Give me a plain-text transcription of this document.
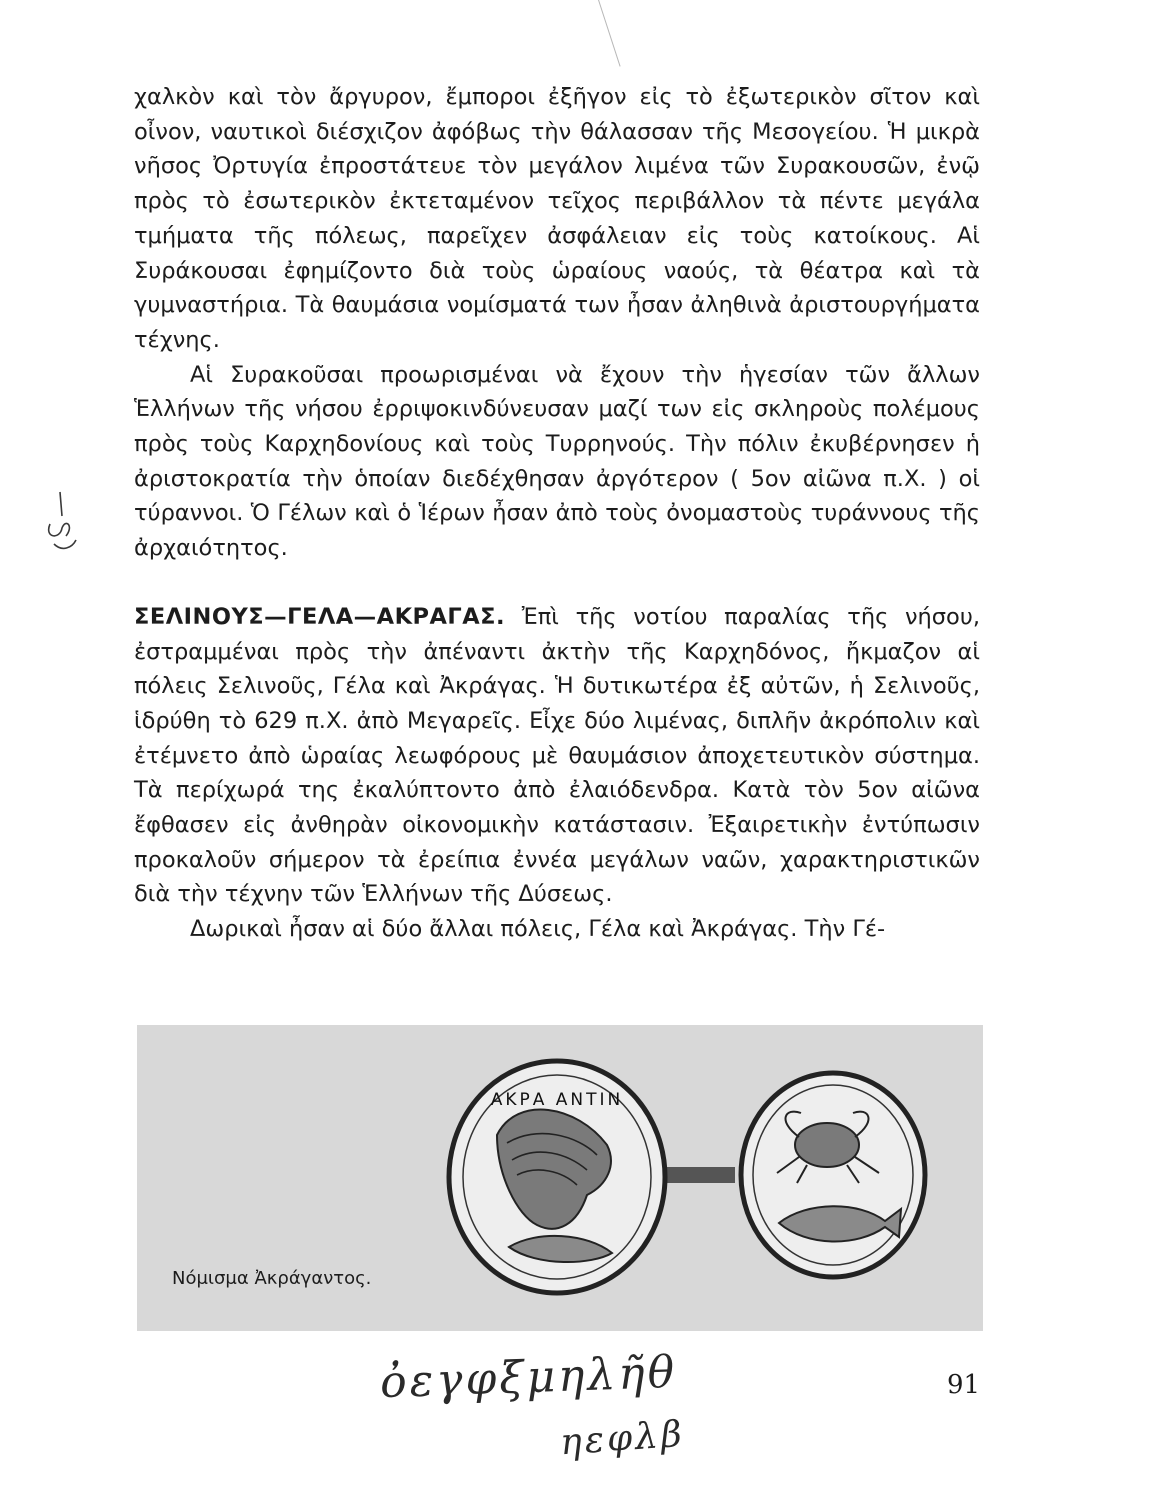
χαλκὸν καὶ τὸν ἄργυρον, ἔμποροι ἐξῆγον εἰς τὸ ἐξωτερικὸν σῖτον καὶ οἶνον, ναυτικοὶ διέσχιζον ἀφόβως τὴν θάλασσαν τῆς Μεσογείου. Ἡ μικρὰ νῆσος Ὀρτυγία ἐπροστάτευε τὸν μεγάλον λιμένα τῶν Συρακουσῶν, ἐνῷ πρὸς τὸ ἐσωτερικὸν ἐκτεταμένον τεῖχος περιβάλλον τὰ πέντε μεγάλα τμήματα τῆς πόλεως, παρεῖχεν ἀσφάλειαν εἰς τοὺς κατοίκους. Αἱ Συράκουσαι ἐφημίζοντο διὰ τοὺς ὡραίους ναούς, τὰ θέατρα καὶ τὰ γυμναστήρια. Τὰ θαυμάσια νομίσματά των ἦσαν ἀληθινὰ ἀριστουργήματα τέχνης.

Αἱ Συρακοῦσαι προωρισμέναι νὰ ἔχουν τὴν ἡγεσίαν τῶν ἄλλων Ἑλλήνων τῆς νήσου ἐρριψοκινδύνευσαν μαζί των εἰς σκληροὺς πολέμους πρὸς τοὺς Καρχηδονίους καὶ τοὺς Τυρρηνούς. Τὴν πόλιν ἐκυβέρνησεν ἡ ἀριστοκρατία τὴν ὁποίαν διεδέχθησαν ἀργότερον ( 5ον αἰῶνα π.Χ. ) οἱ τύραννοι. Ὁ Γέλων καὶ ὁ Ἱέρων ἦσαν ἀπὸ τοὺς ὀνομαστοὺς τυράννους τῆς ἀρχαιότητος.

ΣΕΛΙΝΟΥΣ—ΓΕΛΑ—ΑΚΡΑΓΑΣ. Ἐπὶ τῆς νοτίου παραλίας τῆς νήσου, ἐστραμμέναι πρὸς τὴν ἀπέναντι ἀκτὴν τῆς Καρχηδόνος, ἤκμαζον αἱ πόλεις Σελινοῦς, Γέλα καὶ Ἀκράγας. Ἡ δυτικωτέρα ἐξ αὐτῶν, ἡ Σελινοῦς, ἱδρύθη τὸ 629 π.Χ. ἀπὸ Μεγαρεῖς. Εἶχε δύο λιμένας, διπλῆν ἀκρόπολιν καὶ ἐτέμνετο ἀπὸ ὡραίας λεωφόρους μὲ θαυμάσιον ἀποχετευτικὸν σύστημα. Τὰ περίχωρά της ἐκαλύπτοντο ἀπὸ ἐλαιόδενδρα. Κατὰ τὸν 5ον αἰῶνα ἔφθασεν εἰς ἀνθηρὰν οἰκονομικὴν κατάστασιν. Ἐξαιρετικὴν ἐντύπωσιν προκαλοῦν σήμερον τὰ ἐρείπια ἐννέα μεγάλων ναῶν, χαρακτηριστικῶν διὰ τὴν τέχνην τῶν Ἑλλήνων τῆς Δύσεως.

Δωρικαὶ ἦσαν αἱ δύο ἄλλαι πόλεις, Γέλα καὶ Ἀκράγας. Τὴν Γέ-

ΑΚΡΑ ΑΝΤΙΝ
Νόμισμα Ἀκράγαντος.
91
ὀεγφξμηλῆθ
ηεφλβ
